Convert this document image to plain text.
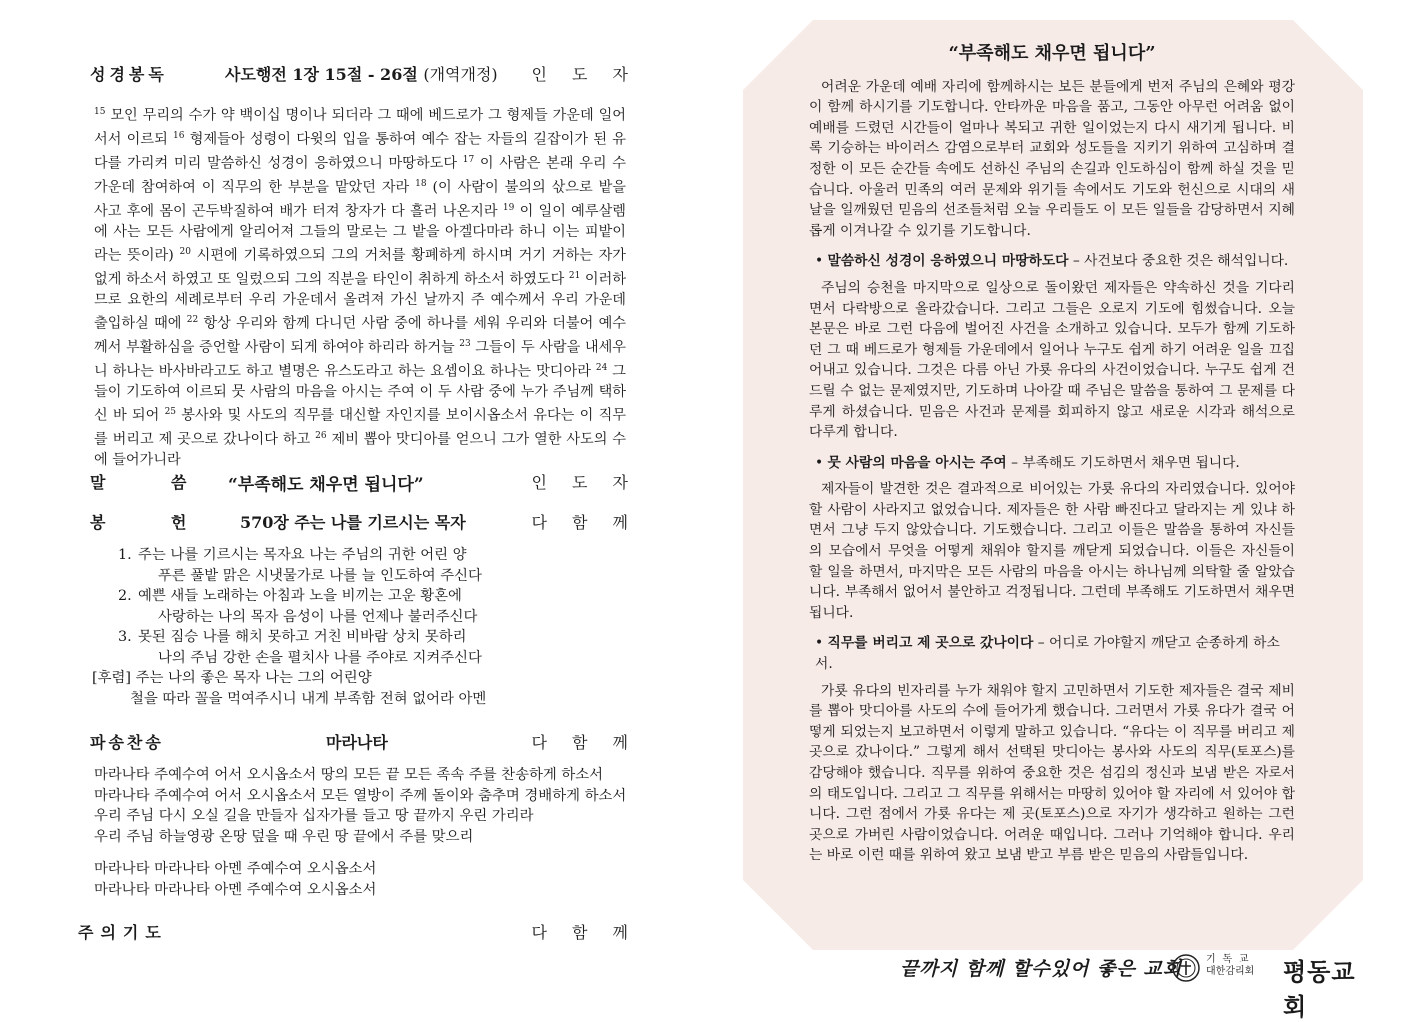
성경봉독	사도행전 1장 15절 - 26절 (개역개정) 인 도 자
$^{15}$ 모인 무리의 수가 약 백이십 명이나 되더라 그 때에 베드로가 그 형제들 가운데 일어서서 이르되 $^{16}$ 형제들아 성령이 다윗의 입을 통하여 예수 잡는 자들의 길잡이가 된 유다를 가리켜 미리 말씀하신 성경이 응하였으니 마땅하도다 $^{17}$ 이 사람은 본래 우리 수 가운데 참여하여 이 직무의 한 부분을 맡았던 자라 $^{18}$ (이 사람이 불의의 삯으로 밭을 사고 후에 몸이 곤두박질하여 배가 터져 창자가 다 흘러 나온지라 $^{19}$ 이 일이 예루살렘에 사는 모든 사람에게 알리어져 그들의 말로는 그 밭을 아겔다마라 하니 이는 피밭이라는 뜻이라) $^{20}$ 시편에 기록하였으되 그의 거처를 황폐하게 하시며 거기 거하는 자가 없게 하소서 하였고 또 일렀으되 그의 직분을 타인이 취하게 하소서 하였도다 $^{21}$ 이러하므로 요한의 세례로부터 우리 가운데서 올려져 가신 날까지 주 예수께서 우리 가운데 출입하실 때에 $^{22}$ 항상 우리와 함께 다니던 사람 중에 하나를 세워 우리와 더불어 예수께서 부활하심을 증언할 사람이 되게 하여야 하리라 하거늘 $^{23}$ 그들이 두 사람을 내세우니 하나는 바사바라고도 하고 별명은 유스도라고 하는 요셉이요 하나는 맛디아라 $^{24}$ 그들이 기도하여 이르되 뭇 사람의 마음을 아시는 주여 이 두 사람 중에 누가 주님께 택하신 바 되어 $^{25}$ 봉사와 및 사도의 직무를 대신할 자인지를 보이시옵소서 유다는 이 직무를 버리고 제 곳으로 갔나이다 하고 $^{26}$ 제비 뽑아 맛디아를 얻으니 그가 열한 사도의 수에 들어가니라
말 씀 “부족해도 채우면 됩니다”	인 도 자
봉 헌 570장 주는 나를 기르시는 목자	다 함 께
1. 주는 나를 기르시는 목자요 나는 주님의 귀한 어린 양
푸른 풀밭 맑은 시냇물가로 나를 늘 인도하여 주신다
2. 예쁜 새들 노래하는 아침과 노을 비끼는 고운 황혼에
사랑하는 나의 목자 음성이 나를 언제나 불러주신다
3. 못된 짐승 나를 해치 못하고 거친 비바람 상치 못하리
나의 주님 강한 손을 펼치사 나를 주야로 지켜주신다
[후렴] 주는 나의 좋은 목자 나는 그의 어린양
철을 따라 꼴을 먹여주시니 내게 부족함 전혀 없어라 아멘
파송찬송	마라나타	다 함 께
마라나타 주예수여 어서 오시옵소서 땅의 모든 끝 모든 족속 주를 찬송하게 하소서
마라나타 주예수여 어서 오시옵소서 모든 열방이 주께 돌이와 춤추며 경배하게 하소서
우리 주님 다시 오실 길을 만들자 십자가를 들고 땅 끝까지 우린 가리라
우리 주님 하늘영광 온땅 덮을 때 우린 땅 끝에서 주를 맞으리
마라나타 마라나타 아멘 주예수여 오시옵소서
마라나타 마라나타 아멘 주예수여 오시옵소서
주의기도	다 함 께
“부족해도 채우면 됩니다”

어려운 가운데 예배 자리에 함께하시는 보든 분들에게 번저 주님의 은혜와 평강이 함께 하시기를 기도합니다. 안타까운 마음을 품고, 그동안 아무런 어려움 없이 예배를 드렸던 시간들이 얼마나 복되고 귀한 일이었는지 다시 새기게 됩니다. 비록 기승하는 바이러스 감염으로부터 교회와 성도들을 지키기 위하여 고심하며 결정한 이 모든 순간들 속에도 선하신 주님의 손길과 인도하심이 함께 하실 것을 믿습니다. 아울러 민족의 여러 문제와 위기들 속에서도 기도와 헌신으로 시대의 새날을 일깨웠던 믿음의 선조들처럼 오늘 우리들도 이 모든 일들을 감당하면서 지혜롭게 이겨나갈 수 있기를 기도합니다.

• 말씀하신 성경이 응하였으니 마땅하도다 – 사건보다 중요한 것은 해석입니다.

주님의 승천을 마지막으로 일상으로 돌이왔던 제자들은 약속하신 것을 기다리면서 다락방으로 올라갔습니다. 그리고 그들은 오로지 기도에 힘썼습니다. 오늘 본문은 바로 그런 다음에 벌어진 사건을 소개하고 있습니다. 모두가 함께 기도하던 그 때 베드로가 형제들 가운데에서 일어나 누구도 쉽게 하기 어려운 일을 끄집어내고 있습니다. 그것은 다름 아닌 가룟 유다의 사건이었습니다. 누구도 쉽게 건드릴 수 없는 문제였지만, 기도하며 나아갈 때 주님은 말씀을 통하여 그 문제를 다루게 하셨습니다. 믿음은 사건과 문제를 회피하지 않고 새로운 시각과 해석으로 다루게 합니다.

• 뭇 사람의 마음을 아시는 주여 – 부족해도 기도하면서 채우면 됩니다.

제자들이 발견한 것은 결과적으로 비어있는 가룟 유다의 자리였습니다. 있어야 할 사람이 사라지고 없었습니다. 제자들은 한 사람 빠진다고 달라지는 게 있냐 하면서 그냥 두지 않았습니다. 기도했습니다. 그리고 이들은 말씀을 통하여 자신들의 모습에서 무엇을 어떻게 채워야 할지를 깨닫게 되었습니다. 이들은 자신들이 할 일을 하면서, 마지막은 모든 사람의 마음을 아시는 하나님께 의탁할 줄 알았습니다. 부족해서 없어서 불안하고 걱정됩니다. 그런데 부족해도 기도하면서 채우면 됩니다.

• 직무를 버리고 제 곳으로 갔나이다 – 어디로 가야할지 깨닫고 순종하게 하소서.

가룟 유다의 빈자리를 누가 채워야 할지 고민하면서 기도한 제자들은 결국 제비를 뽑아 맛디아를 사도의 수에 들어가게 했습니다. 그러면서 가룟 유다가 결국 어떻게 되었는지 보고하면서 이렇게 말하고 있습니다. “유다는 이 직무를 버리고 제 곳으로 갔나이다.” 그렇게 해서 선택된 맛디아는 봉사와 사도의 직무(토포스)를 감당해야 했습니다. 직무를 위하여 중요한 것은 섬김의 정신과 보냄 받은 자로서의 태도입니다. 그리고 그 직무를 위해서는 마땅히 있어야 할 자리에 서 있어야 합니다. 그런 점에서 가룟 유다는 제 곳(토포스)으로 자기가 생각하고 원하는 그런 곳으로 가버린 사람이었습니다. 어려운 때입니다. 그러나 기억해야 합니다. 우리는 바로 이런 때를 위하여 왔고 보냄 받고 부름 받은 믿음의 사람들입니다.

끝까지 함께 할수있어 좋은 교회 기 독 교
대한감리회 평동교회
